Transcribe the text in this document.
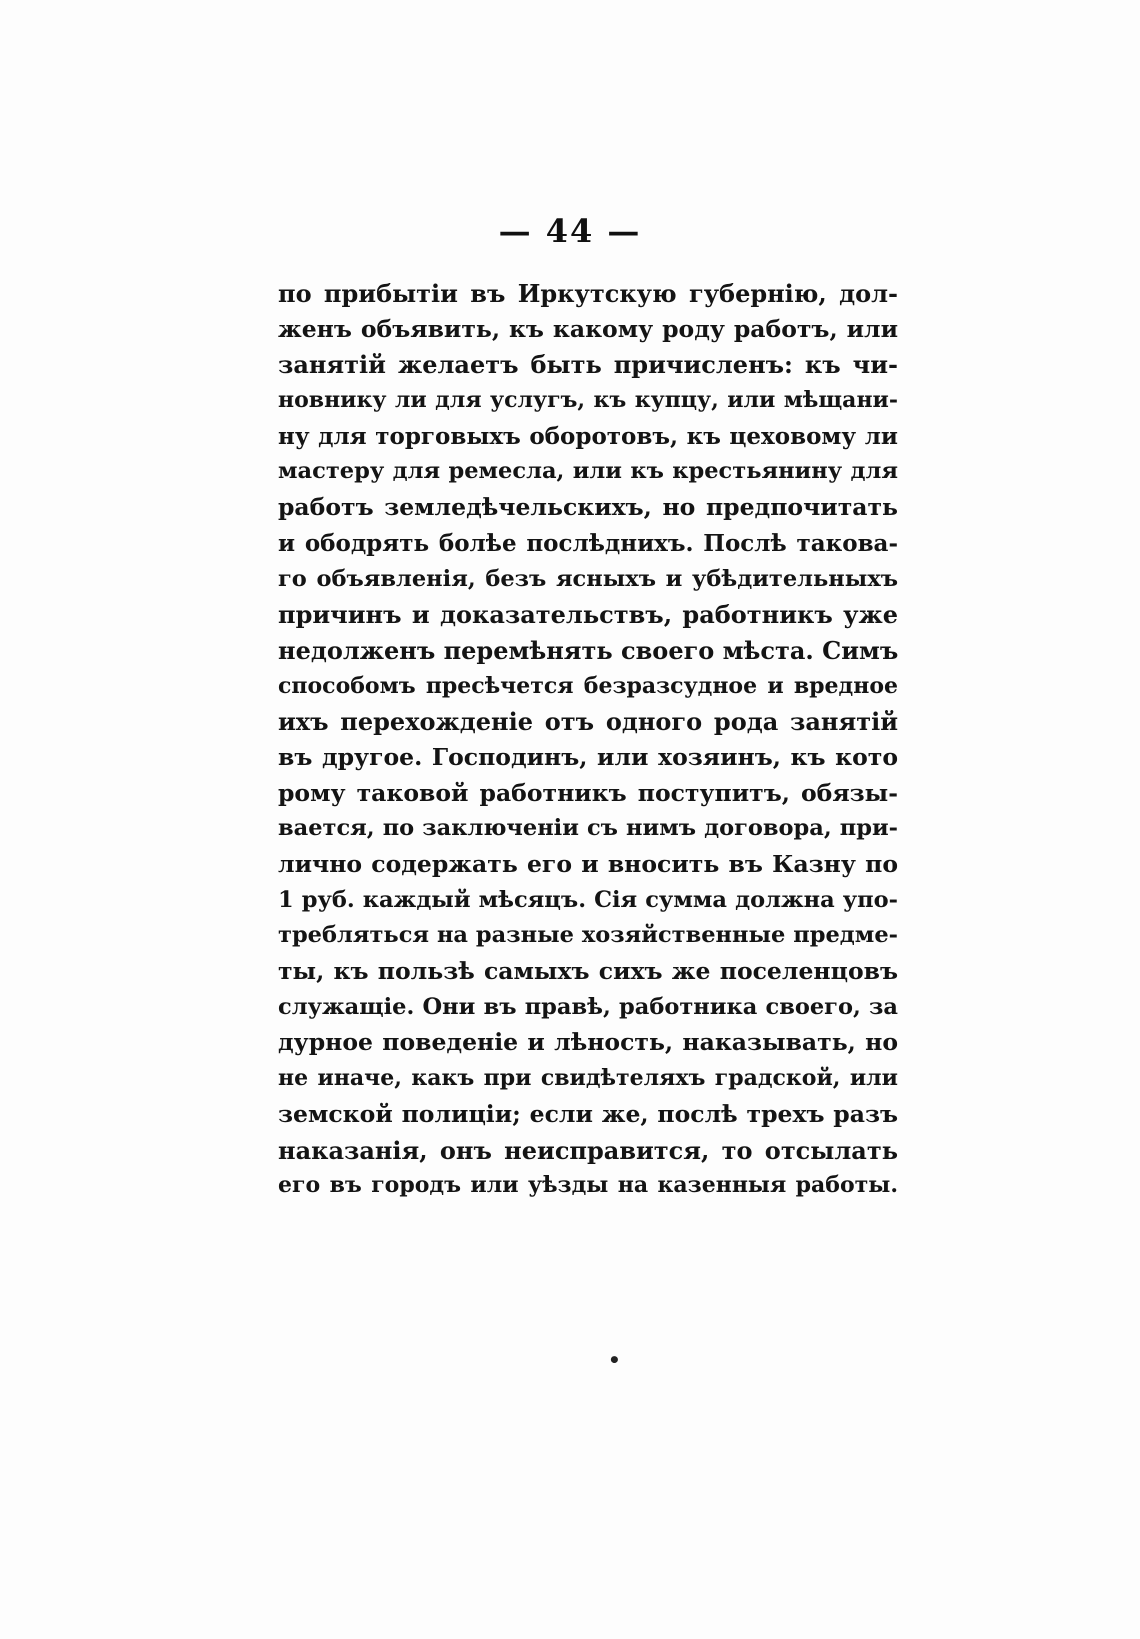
— 44 —
по прибытіи въ Иркутскую губернію, дол-
женъ объявить, къ какому роду работъ, или
занятій желаетъ быть причисленъ: къ чи-
новнику ли для услугъ, къ купцу, или мѣщани-
ну для торговыхъ оборотовъ, къ цеховому ли
мастеру для ремесла, или къ крестьянину для
работъ земледѣчельскихъ, но предпочитать
и ободрять болѣе послѣднихъ. Послѣ такова-
го объявленія, безъ ясныхъ и убѣдительныхъ
причинъ и доказательствъ, работникъ уже
недолженъ перемѣнять своего мѣста. Симъ
способомъ пресѣчется безразсудное и вредное
ихъ перехожденіе отъ одного рода занятій
въ другое. Господинъ, или хозяинъ, къ кото
рому таковой работникъ поступитъ, обязы-
вается, по заключеніи съ нимъ договора, при-
лично содержать его и вносить въ Казну по
1 руб. каждый мѣсяцъ. Сія сумма должна упо-
требляться на разные хозяйственные предме-
ты, къ пользѣ самыхъ сихъ же поселенцовъ
служащіе. Они въ правѣ, работника своего, за
дурное поведеніе и лѣность, наказывать, но
не иначе, какъ при свидѣтеляхъ градской, или
земской полиціи; если же, послѣ трехъ разъ
наказанія, онъ неисправится, то отсылать
его въ городъ или уѣзды на казенныя работы.
•
